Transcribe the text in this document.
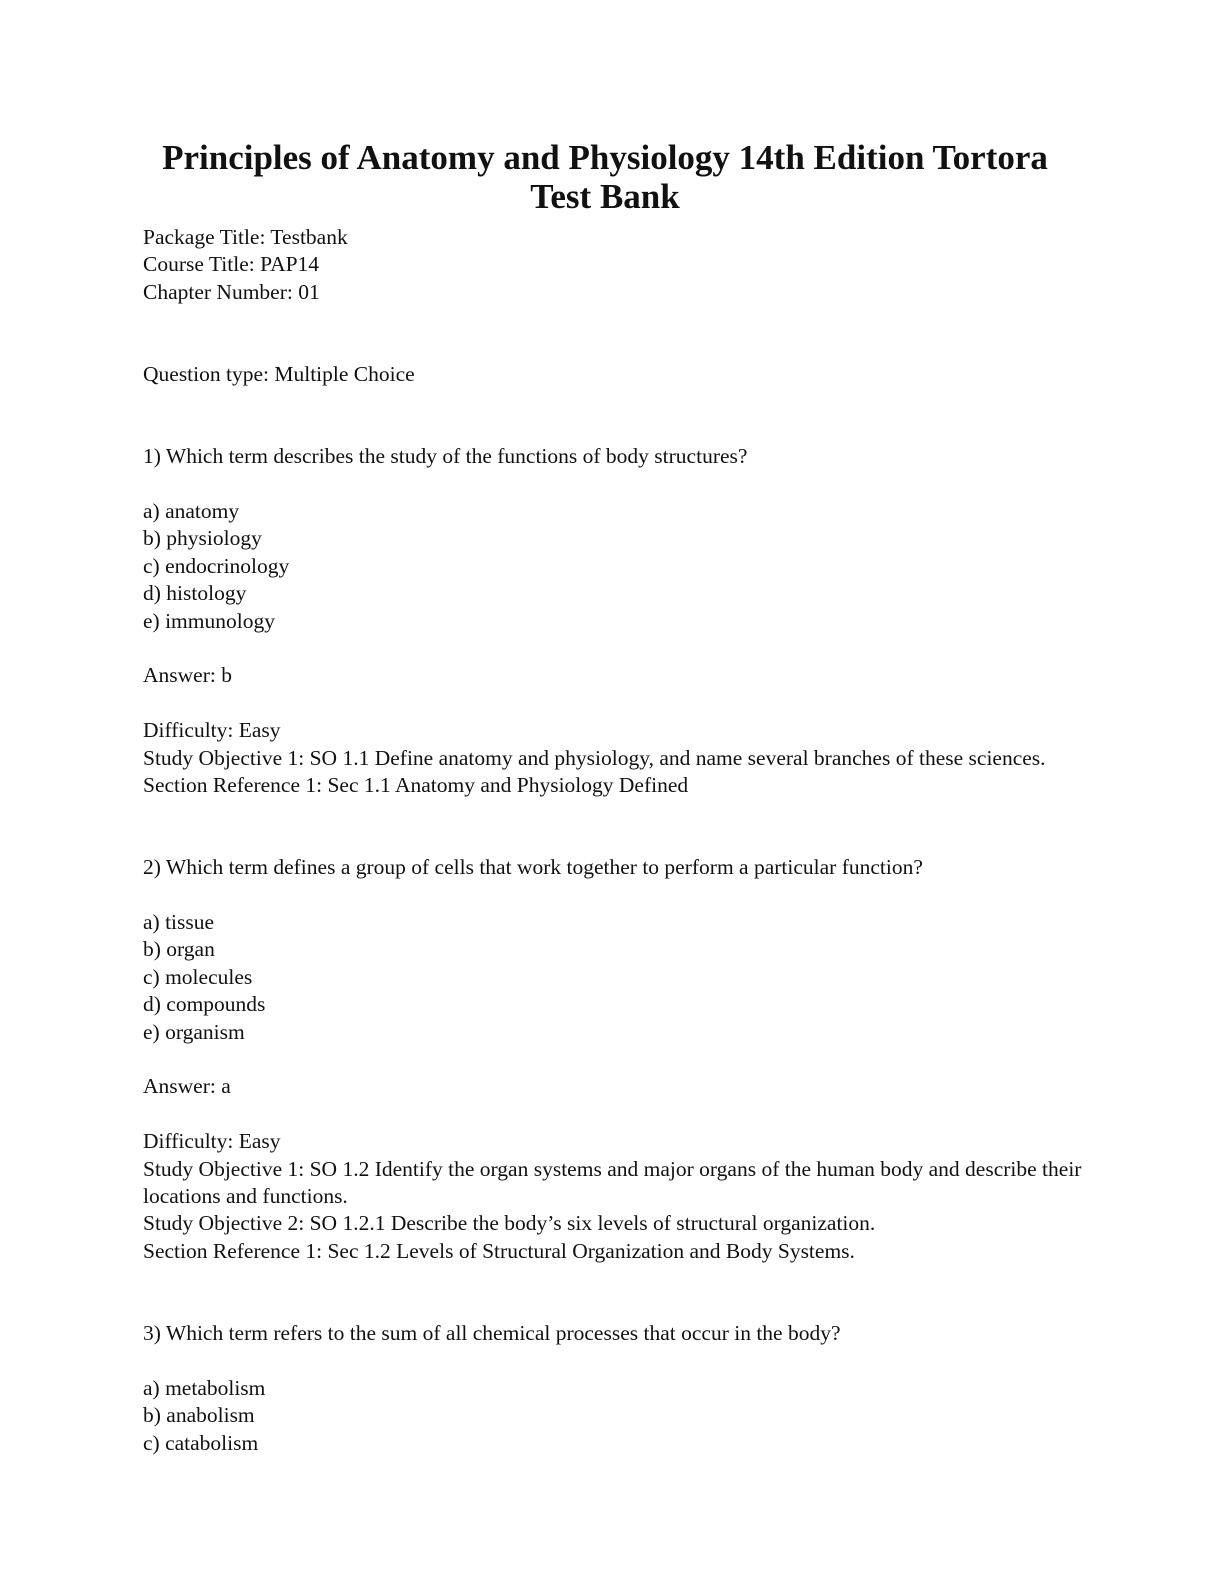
Principles of Anatomy and Physiology 14th Edition Tortora
Test Bank
Package Title: Testbank
Course Title: PAP14
Chapter Number: 01
Question type: Multiple Choice
1) Which term describes the study of the functions of body structures?
a) anatomy
b) physiology
c) endocrinology
d) histology
e) immunology
Answer: b
Difficulty: Easy
Study Objective 1: SO 1.1 Define anatomy and physiology, and name several branches of these sciences.
Section Reference 1: Sec 1.1 Anatomy and Physiology Defined
2) Which term defines a group of cells that work together to perform a particular function?
a) tissue
b) organ
c) molecules
d) compounds
e) organism
Answer: a
Difficulty: Easy
Study Objective 1: SO 1.2 Identify the organ systems and major organs of the human body and describe their locations and functions.
Study Objective 2: SO 1.2.1 Describe the body’s six levels of structural organization.
Section Reference 1: Sec 1.2 Levels of Structural Organization and Body Systems.
3) Which term refers to the sum of all chemical processes that occur in the body?
a) metabolism
b) anabolism
c) catabolism
